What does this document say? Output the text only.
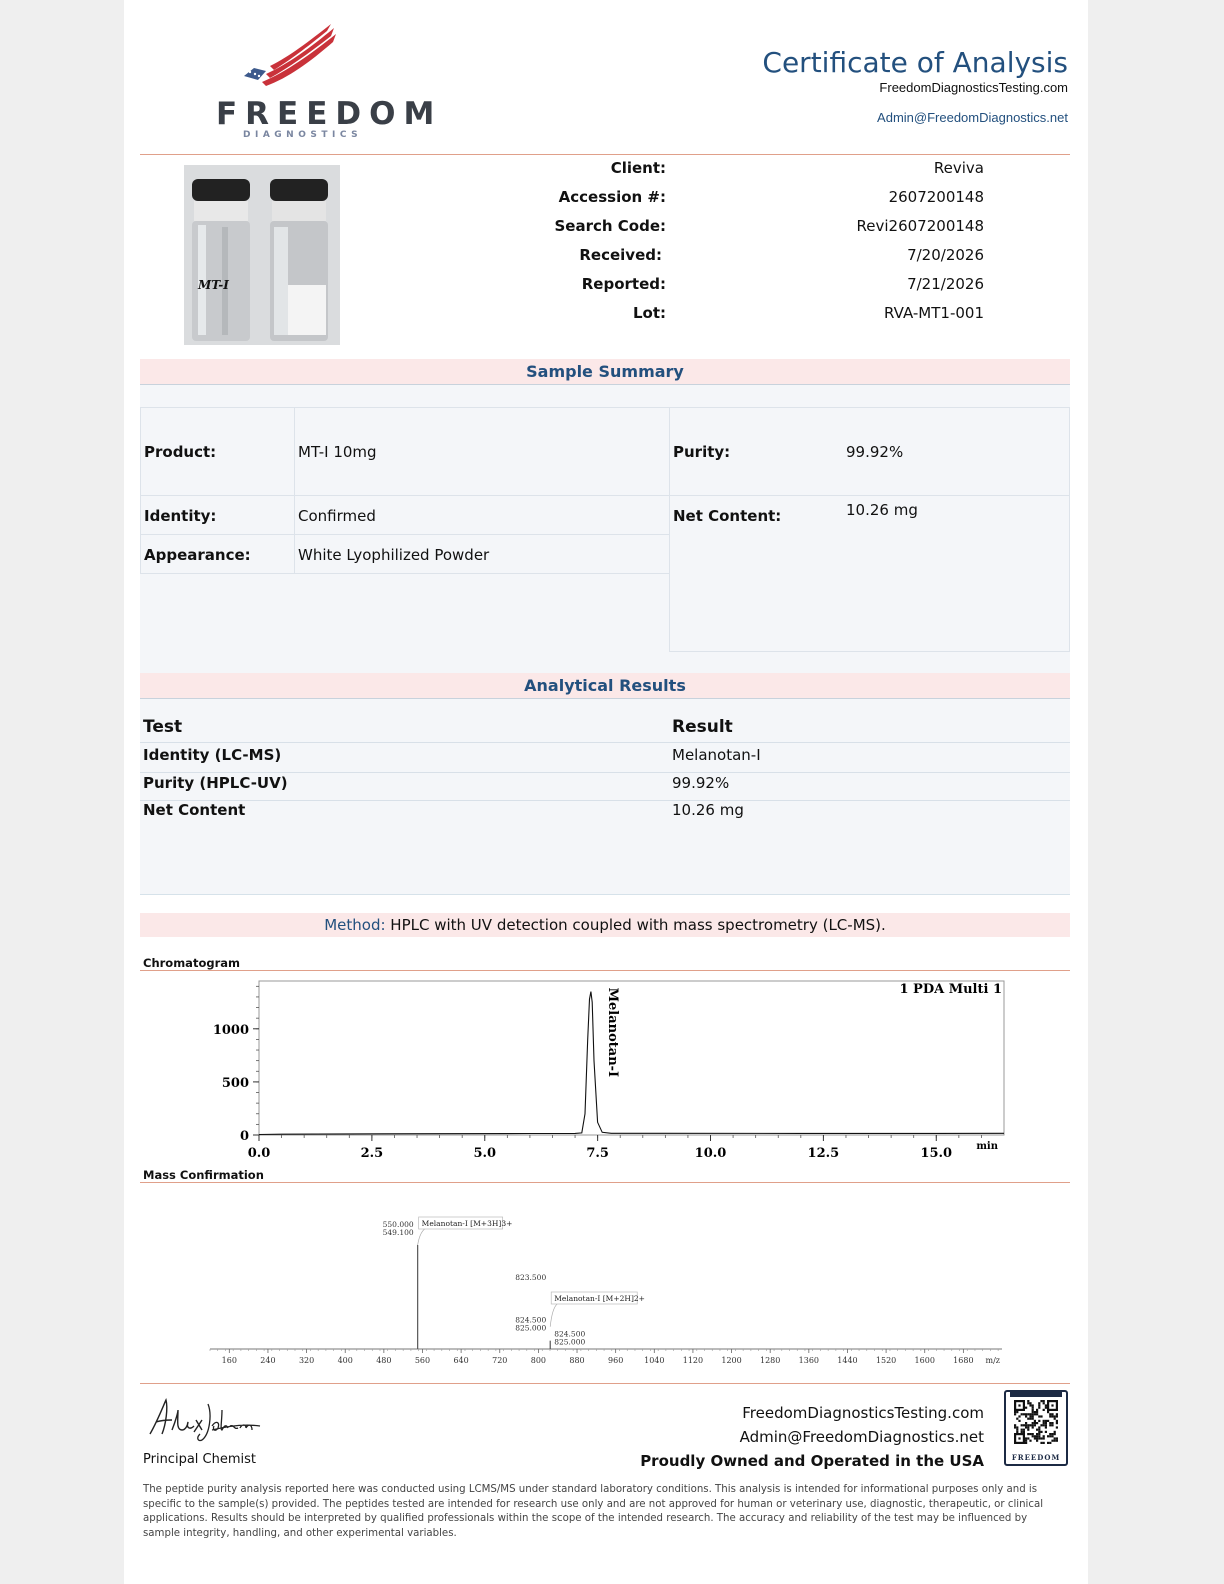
FREEDOM
DIAGNOSTICS
Certificate of Analysis
FreedomDiagnosticsTesting.com
Admin@FreedomDiagnostics.net
MT-I
Client:	Reviva
Accession #:	2607200148
Search Code:	Revi2607200148
Received:	7/20/2026
Reported:	7/21/2026
Lot:	RVA-MT1-001
Sample Summary
Product:	MT-I 10mg	Purity:	99.92%
Identity:	Confirmed	Net Content:	10.26 mg
Appearance:	White Lyophilized Powder
Analytical Results
Test	Result
Identity (LC-MS)	Melanotan-I
Purity (HPLC-UV)	99.92%
Net Content	10.26 mg
Method: HPLC with UV detection coupled with mass spectrometry (LC-MS).
Chromatogram
0
500
1000
0.0	2.5	5.0	7.5	10.0	12.5	15.0 min
1 PDA Multi 1
Melanotan-I
Mass Confirmation
160	240	320	400	480	560	640	720	800	880	960	1040 1120 1200 1280 1360 1440 1520 1600 1680 m/z
550.000
549.100
Melanotan-I [M+3H]3+
824.500
825.000
824.500
825.000
Melanotan-I [M+2H]2+
823.500
Principal Chemist
FreedomDiagnosticsTesting.com
Admin@FreedomDiagnostics.net
Proudly Owned and Operated in the USA	FREEDOM
The peptide purity analysis reported here was conducted using LCMS/MS under standard laboratory conditions. This analysis is intended for informational purposes only and is specific to the sample(s) provided. The peptides tested are intended for research use only and are not approved for human or veterinary use, diagnostic, therapeutic, or clinical applications. Results should be interpreted by qualified professionals within the scope of the intended research. The accuracy and reliability of the test may be influenced by sample integrity, handling, and other experimental variables.
